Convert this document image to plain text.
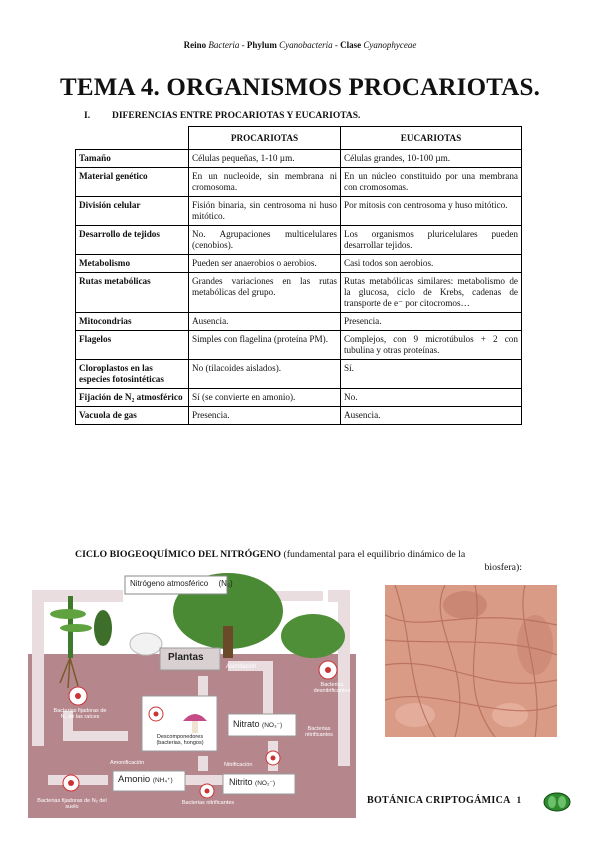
Reino Bacteria - Phylum Cyanobacteria - Clase Cyanophyceae
TEMA 4. ORGANISMOS PROCARIOTAS.
I. DIFERENCIAS ENTRE PROCARIOTAS Y EUCARIOTAS.
	PROCARIOTAS	EUCARIOTAS
Tamaño	Células pequeñas, 1-10 µm.	Células grandes, 10-100 µm.
Material genético	En un nucleoide, sin membrana ni cromosoma.	En un núcleo constituido por una membrana con cromosomas.
División celular	Fisión binaria, sin centrosoma ni huso mitótico.	Por mitosis con centrosoma y huso mitótico.
Desarrollo de tejidos	No. Agrupaciones multicelulares (cenobios).	Los organismos pluricelulares pueden desarrollar tejidos.
Metabolismo	Pueden ser anaerobios o aerobios.	Casi todos son aerobios.
Rutas metabólicas	Grandes variaciones en las rutas metabólicas del grupo.	Rutas metabólicas similares: metabolismo de la glucosa, ciclo de Krebs, cadenas de transporte de e⁻ por citocromos…
Mitocondrias	Ausencia.	Presencia.
Flagelos	Simples con flagelina (proteína PM).	Complejos, con 9 microtúbulos + 2 con tubulina y otras proteínas.
Cloroplastos en las especies fotosintéticas	No (tilacoides aislados).	Sí.
Fijación de N₂ atmosférico	Sí (se convierte en amonio).	No.
Vacuola de gas	Presencia.	Ausencia.
CICLO BIOGEOQUÍMICO DEL NITRÓGENO (fundamental para el equilibrio dinámico de la
biosfera):
Nitrógeno atmosférico (N₂)
Plantas
Asimilación
Bacterias desnitrificantes
Bacterias fijadoras de N₂ de las raíces
Descomponedores (bacterias, hongos)
Nitrato (NO₃⁻)	Bacterias nitrificantes
Amonificación	Nitrificación
Amonio (NH₄⁺)	Nitrito (NO₂⁻)
Bacterias fijadoras de N₂ del suelo
Bacterias nitrificantes	BOTÁNICA CRIPTOGÁMICA 1
